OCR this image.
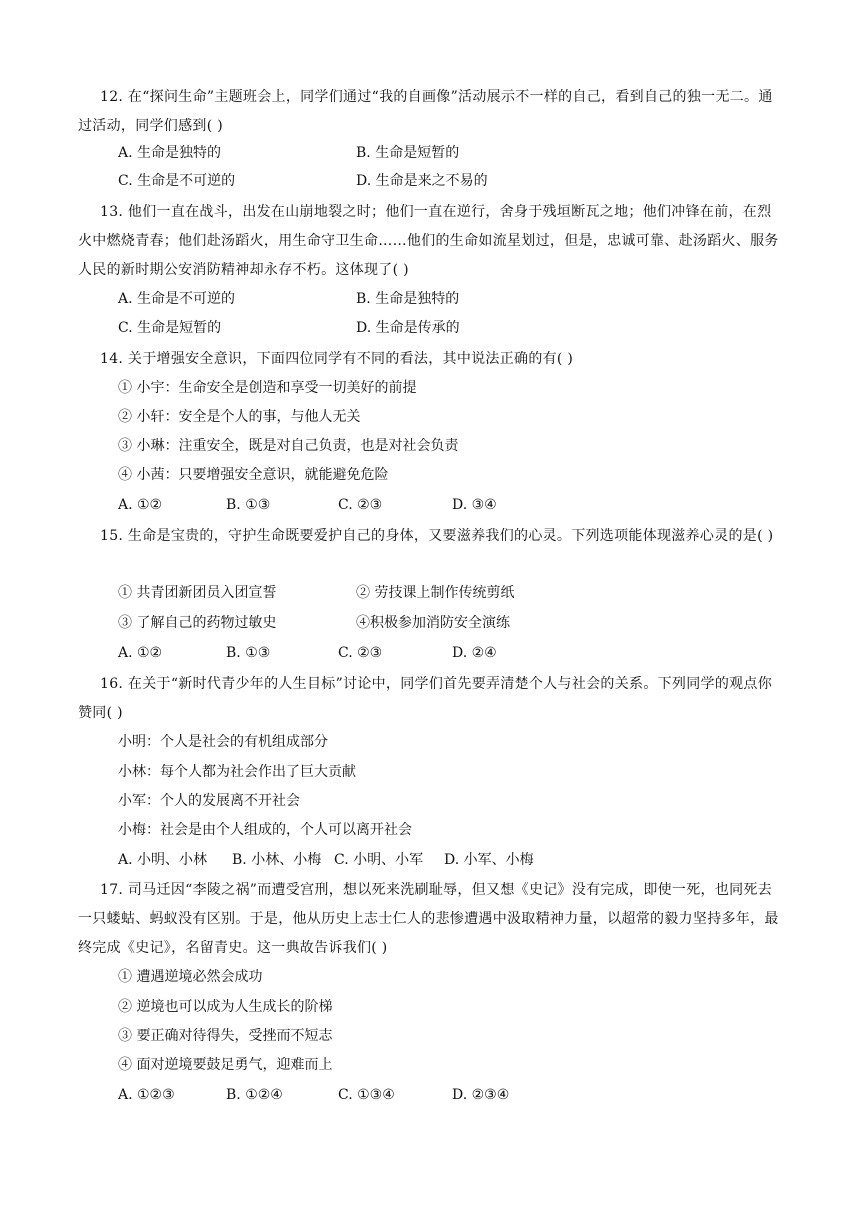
12. 在“探问生命”主题班会上，同学们通过“我的自画像”活动展示不一样的自己，看到自己的独一无二。通过活动，同学们感到( )
A. 生命是独特的	B. 生命是短暂的
C. 生命是不可逆的	D. 生命是来之不易的
13. 他们一直在战斗，出发在山崩地裂之时；他们一直在逆行，舍身于残垣断瓦之地；他们冲锋在前，在烈火中燃烧青春；他们赴汤蹈火，用生命守卫生命……他们的生命如流星划过，但是，忠诚可靠、赴汤蹈火、服务人民的新时期公安消防精神却永存不朽。这体现了( )
A. 生命是不可逆的	B. 生命是独特的
C. 生命是短暂的	D. 生命是传承的
14. 关于增强安全意识，下面四位同学有不同的看法，其中说法正确的有( )
① 小宇：生命安全是创造和享受一切美好的前提
② 小轩：安全是个人的事，与他人无关
③ 小琳：注重安全，既是对自己负责，也是对社会负责
④ 小茜：只要增强安全意识，就能避免危险
A. ①②	B. ①③	C. ②③	D. ③④
15. 生命是宝贵的，守护生命既要爱护自己的身体，又要滋养我们的心灵。下列选项能体现滋养心灵的是( )
① 共青团新团员入团宣誓	② 劳技课上制作传统剪纸
③ 了解自己的药物过敏史	④积极参加消防安全演练
A. ①②	B. ①③	C. ②③	D. ②④
16. 在关于“新时代青少年的人生目标”讨论中，同学们首先要弄清楚个人与社会的关系。下列同学的观点你赞同( )
小明：个人是社会的有机组成部分
小林：每个人都为社会作出了巨大贡献
小军：个人的发展离不开社会
小梅：社会是由个人组成的，个人可以离开社会
A. 小明、小林 B. 小林、小梅 C. 小明、小军 D. 小军、小梅
17. 司马迁因“李陵之祸”而遭受宫刑，想以死来洗刷耻辱，但又想《史记》没有完成，即使一死，也同死去一只蝼蛄、蚂蚁没有区别。于是，他从历史上志士仁人的悲惨遭遇中汲取精神力量，以超常的毅力坚持多年，最终完成《史记》，名留青史。这一典故告诉我们( )
① 遭遇逆境必然会成功
② 逆境也可以成为人生成长的阶梯
③ 要正确对待得失，受挫而不短志
④ 面对逆境要鼓足勇气，迎难而上
A. ①②③	B. ①②④	C. ①③④	D. ②③④
